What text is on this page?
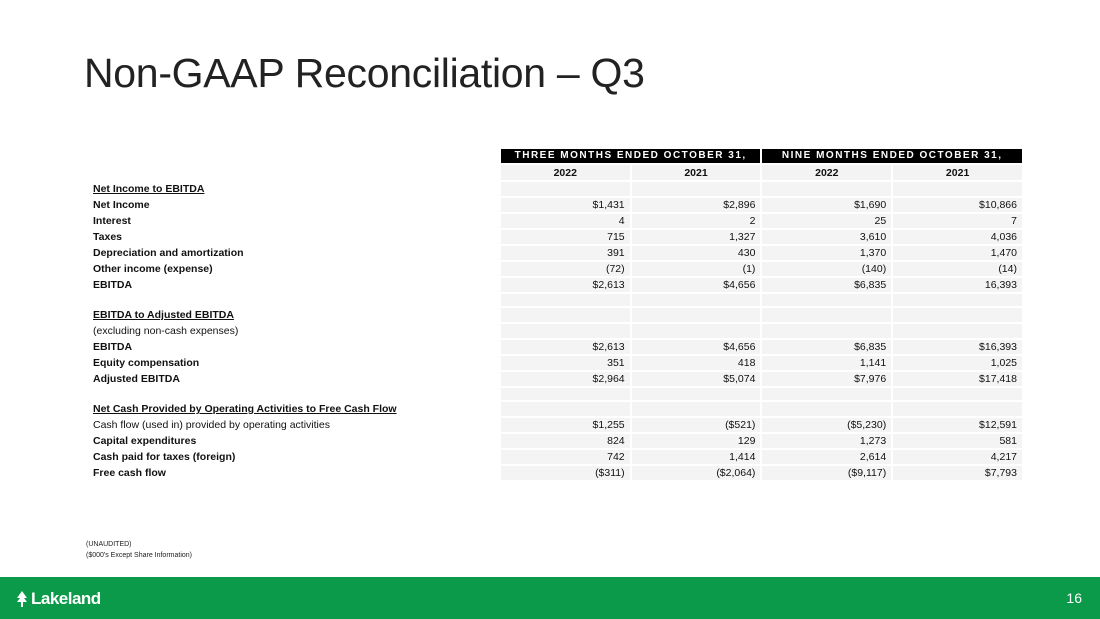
Non-GAAP Reconciliation – Q3
	THREE MONTHS ENDED OCTOBER 31,		NINE MONTHS ENDED OCTOBER 31,	
	2022	2021	2022	2021
Net Income to EBITDA				
Net Income	$1,431	$2,896	$1,690	$10,866
Interest	4	2	25	7
Taxes	715	1,327	3,610	4,036
Depreciation and amortization	391	430	1,370	1,470
Other income (expense)	(72)	(1)	(140)	(14)
EBITDA	$2,613	$4,656	$6,835	16,393

EBITDA to Adjusted EBITDA				
(excluding non-cash expenses)				
EBITDA	$2,613	$4,656	$6,835	$16,393
Equity compensation	351	418	1,141	1,025
Adjusted EBITDA	$2,964	$5,074	$7,976	$17,418

Net Cash Provided by Operating Activities to Free Cash Flow				
Cash flow (used in) provided by operating activities	$1,255	($521)	($5,230)	$12,591
Capital expenditures	824	129	1,273	581
Cash paid for taxes (foreign)	742	1,414	2,614	4,217
Free cash flow	($311)	($2,064)	($9,117)	$7,793
(UNAUDITED)
($000's Except Share Information)
Lakeland	16
